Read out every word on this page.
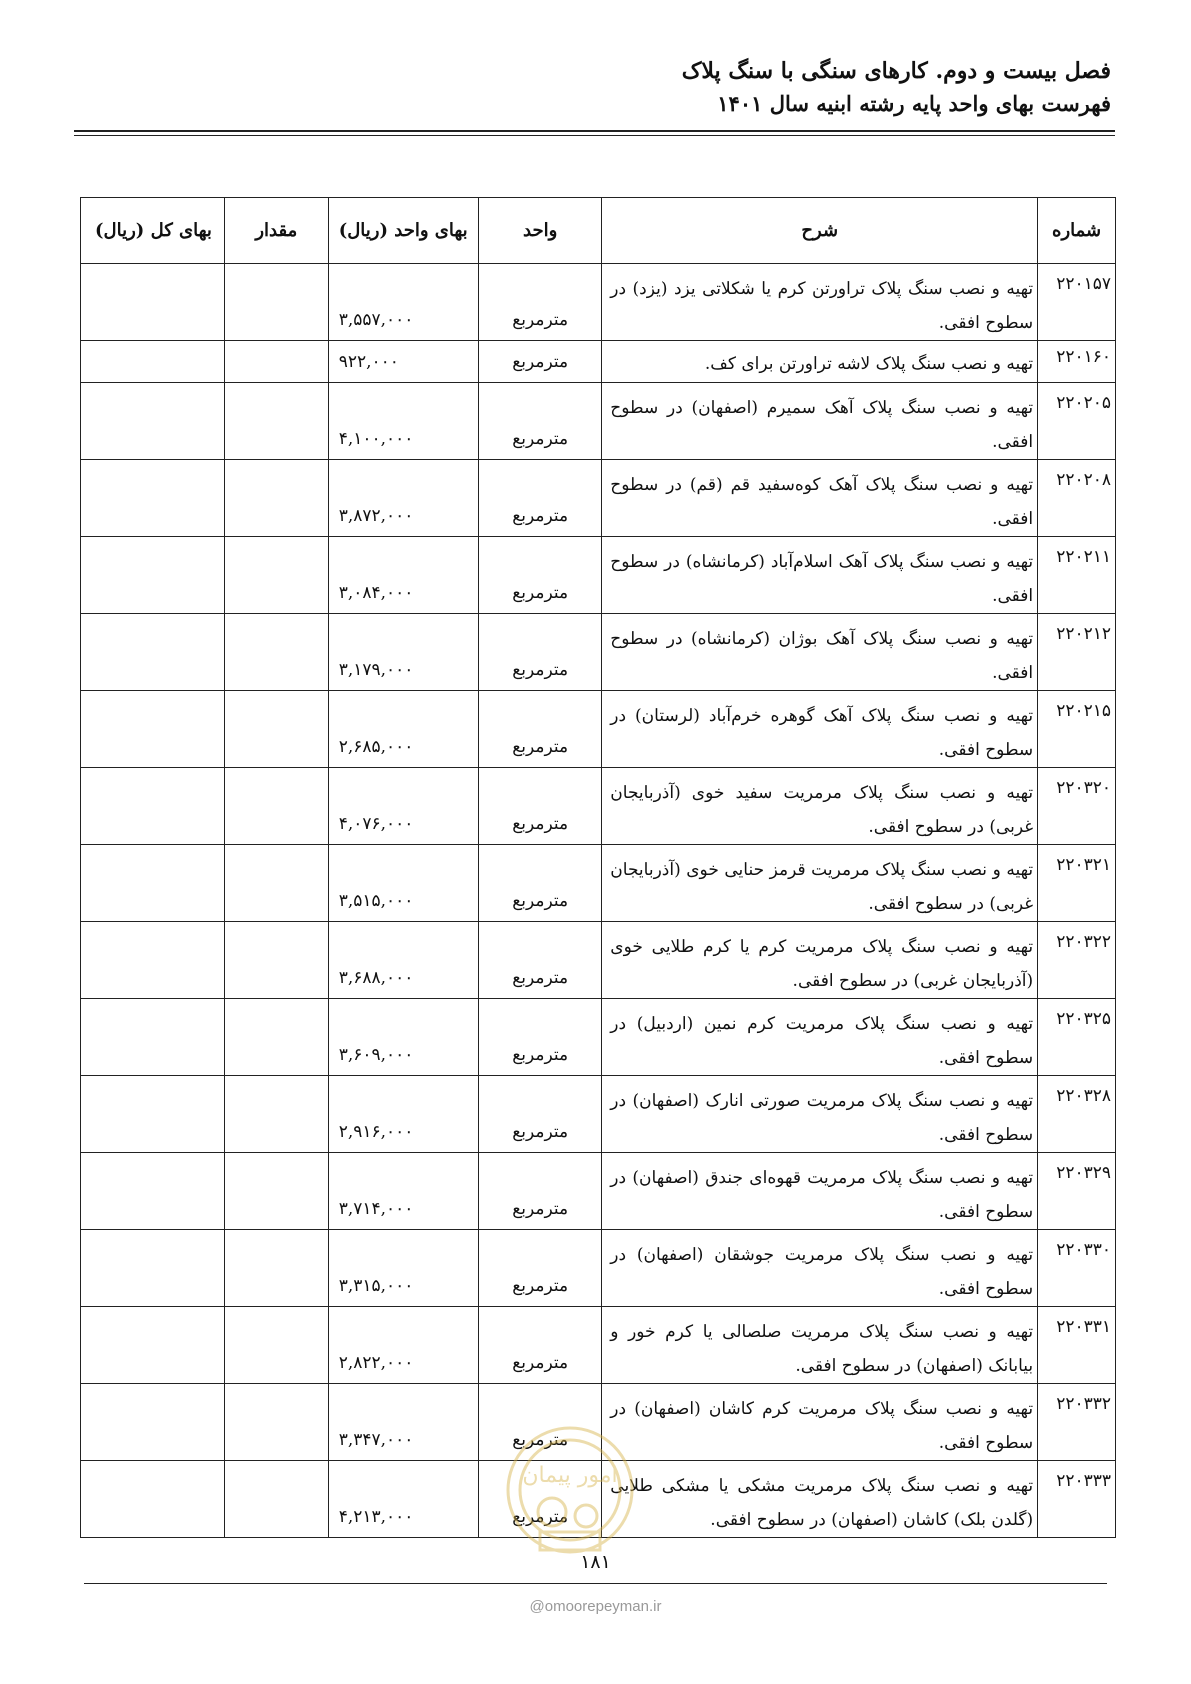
فصل بیست و دوم. کارهای سنگی با سنگ پلاک
فهرست بهای واحد پایه رشته ابنیه سال ۱۴۰۱
شماره	شرح	واحد	بهای واحد (ریال)	مقدار	بهای کل (ریال)
۲۲۰۱۵۷	تهیه و نصب سنگ پلاک تراورتن کرم یا شکلاتی یزد (یزد) در سطوح افقی.	مترمربع	۳,۵۵۷,۰۰۰		
۲۲۰۱۶۰	تهیه و نصب سنگ پلاک لاشه تراورتن برای کف.	مترمربع	۹۲۲,۰۰۰		
۲۲۰۲۰۵	تهیه و نصب سنگ پلاک آهک سمیرم (اصفهان) در سطوح افقی.	مترمربع	۴,۱۰۰,۰۰۰		
۲۲۰۲۰۸	تهیه و نصب سنگ پلاک آهک کوه‌سفید قم (قم) در سطوح افقی.	مترمربع	۳,۸۷۲,۰۰۰		
۲۲۰۲۱۱	تهیه و نصب سنگ پلاک آهک اسلام‌آباد (کرمانشاه) در سطوح افقی.	مترمربع	۳,۰۸۴,۰۰۰		
۲۲۰۲۱۲	تهیه و نصب سنگ پلاک آهک بوژان (کرمانشاه) در سطوح افقی.	مترمربع	۳,۱۷۹,۰۰۰		
۲۲۰۲۱۵	تهیه و نصب سنگ پلاک آهک گوهره خرم‌آباد (لرستان) در سطوح افقی.	مترمربع	۲,۶۸۵,۰۰۰		
۲۲۰۳۲۰	تهیه و نصب سنگ پلاک مرمریت سفید خوی (آذربایجان غربی) در سطوح افقی.	مترمربع	۴,۰۷۶,۰۰۰		
۲۲۰۳۲۱	تهیه و نصب سنگ پلاک مرمریت قرمز حنایی خوی (آذربایجان غربی) در سطوح افقی.	مترمربع	۳,۵۱۵,۰۰۰		
۲۲۰۳۲۲	تهیه و نصب سنگ پلاک مرمریت کرم یا کرم طلایی خوی (آذربایجان غربی) در سطوح افقی.	مترمربع	۳,۶۸۸,۰۰۰		
۲۲۰۳۲۵	تهیه و نصب سنگ پلاک مرمریت کرم نمین (اردبیل) در سطوح افقی.	مترمربع	۳,۶۰۹,۰۰۰		
۲۲۰۳۲۸	تهیه و نصب سنگ پلاک مرمریت صورتی انارک (اصفهان) در سطوح افقی.	مترمربع	۲,۹۱۶,۰۰۰		
۲۲۰۳۲۹	تهیه و نصب سنگ پلاک مرمریت قهوه‌ای جندق (اصفهان) در سطوح افقی.	مترمربع	۳,۷۱۴,۰۰۰		
۲۲۰۳۳۰	تهیه و نصب سنگ پلاک مرمریت جوشقان (اصفهان) در سطوح افقی.	مترمربع	۳,۳۱۵,۰۰۰		
۲۲۰۳۳۱	تهیه و نصب سنگ پلاک مرمریت صلصالی یا کرم خور و بیابانک (اصفهان) در سطوح افقی.	مترمربع	۲,۸۲۲,۰۰۰		
۲۲۰۳۳۲	تهیه و نصب سنگ پلاک مرمریت کرم کاشان (اصفهان) در سطوح افقی.	مترمربع	۳,۳۴۷,۰۰۰		
۲۲۰۳۳۳	تهیه و نصب سنگ پلاک مرمریت مشکی یا مشکی طلایی (گلدن بلک) کاشان (اصفهان) در سطوح افقی.	مترمربع	۴,۲۱۳,۰۰۰		
امور پیمان
۱۸۱
@omoorepeyman.ir
